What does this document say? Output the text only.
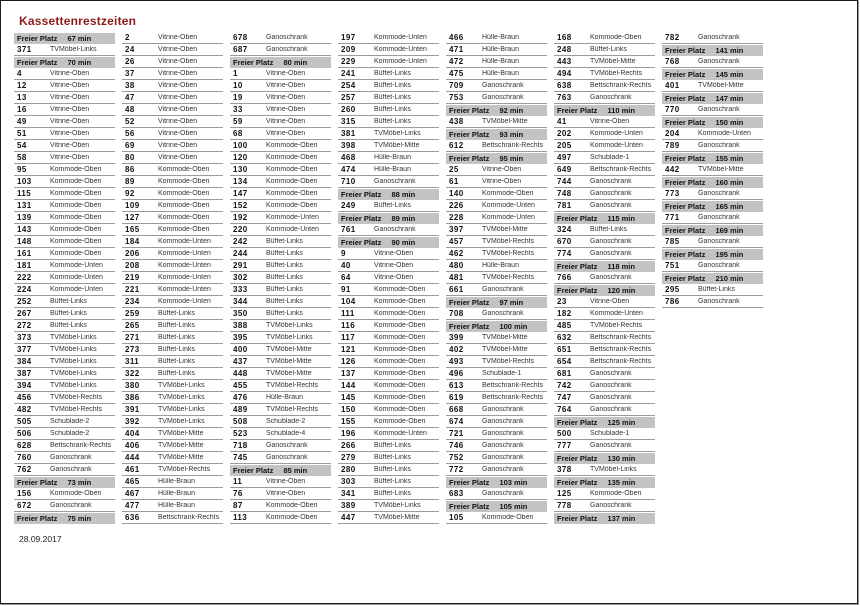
Kassettenrestzeiten
Freier Platz 67 min
371	TVMöbel-Links
Freier Platz 70 min
4	Vitrine-Oben
12	Vitrine-Oben
13	Vitrine-Oben
16	Vitrine-Oben
49	Vitrine-Oben
51	Vitrine-Oben
54	Vitrine-Oben
58	Vitrine-Oben
95	Kommode-Oben
103	Kommode-Oben
115	Kommode-Oben
131	Kommode-Oben
139	Kommode-Oben
143	Kommode-Oben
148	Kommode-Oben
161	Kommode-Oben
181	Kommode-Unten
222	Kommode-Unten
224	Kommode-Unten
252	Büffet-Links
267	Büffet-Links
272	Büffet-Links
373	TVMöbel-Links
377	TVMöbel-Links
384	TVMöbel-Links
387	TVMöbel-Links
394	TVMöbel-Links
456	TVMöbel-Rechts
482	TVMöbel-Rechts
505	Schublade-2
506	Schublade-2
628	Bettschrank-Rechts
760	Ganoschrank
762	Ganoschrank
Freier Platz 73 min
156	Kommode-Oben
672	Ganoschrank
Freier Platz 75 min
2	Vitrine-Oben
24	Vitrine-Oben
26	Vitrine-Oben
37	Vitrine-Oben
38	Vitrine-Oben
47	Vitrine-Oben
48	Vitrine-Oben
52	Vitrine-Oben
56	Vitrine-Oben
69	Vitrine-Oben
80	Vitrine-Oben
86	Kommode-Oben
89	Kommode-Oben
92	Kommode-Oben
109	Kommode-Oben
127	Kommode-Oben
165	Kommode-Oben
184	Kommode-Unten
206	Kommode-Unten
208	Kommode-Unten
219	Kommode-Unten
221	Kommode-Unten
234	Kommode-Unten
259	Büffet-Links
265	Büffet-Links
271	Büffet-Links
273	Büffet-Links
311	Büffet-Links
322	Büffet-Links
380	TVMöbel-Links
386	TVMöbel-Links
391	TVMöbel-Links
392	TVMöbel-Links
404	TVMöbel-Mitte
406	TVMöbel-Mitte
444	TVMöbel-Mitte
461	TVMöbel-Rechts
465	Hülle-Braun
467	Hülle-Braun
477	Hülle-Braun
636	Bettschrank-Rechts
678	Ganoschrank
687	Ganoschrank
Freier Platz 80 min
1	Vitrine-Oben
10	Vitrine-Oben
19	Vitrine-Oben
33	Vitrine-Oben
59	Vitrine-Oben
68	Vitrine-Oben
100	Kommode-Oben
120	Kommode-Oben
130	Kommode-Oben
134	Kommode-Oben
147	Kommode-Oben
152	Kommode-Oben
192	Kommode-Unten
220	Kommode-Unten
242	Büffet-Links
244	Büffet-Links
291	Büffet-Links
302	Büffet-Links
333	Büffet-Links
344	Büffet-Links
350	Büffet-Links
388	TVMöbel-Links
395	TVMöbel-Links
400	TVMöbel-Mitte
437	TVMöbel-Mitte
448	TVMöbel-Mitte
455	TVMöbel-Rechts
476	Hülle-Braun
489	TVMöbel-Rechts
508	Schublade-2
523	Schublade-4
718	Ganoschrank
745	Ganoschrank
Freier Platz 85 min
11	Vitrine-Oben
76	Vitrine-Oben
87	Kommode-Oben
113	Kommode-Oben
197	Kommode-Unten
209	Kommode-Unten
229	Kommode-Unten
241	Büffet-Links
254	Büffet-Links
257	Büffet-Links
260	Büffet-Links
315	Büffet-Links
381	TVMöbel-Links
398	TVMöbel-Mitte
468	Hülle-Braun
474	Hülle-Braun
710	Ganoschrank
Freier Platz 88 min
249	Büffet-Links
Freier Platz 89 min
761	Ganoschrank
Freier Platz 90 min
9	Vitrine-Oben
40	Vitrine-Oben
64	Vitrine-Oben
91	Kommode-Oben
104	Kommode-Oben
111	Kommode-Oben
116	Kommode-Oben
117	Kommode-Oben
121	Kommode-Oben
126	Kommode-Oben
137	Kommode-Oben
144	Kommode-Oben
145	Kommode-Oben
150	Kommode-Oben
155	Kommode-Oben
196	Kommode-Unten
266	Büffet-Links
279	Büffet-Links
280	Büffet-Links
303	Büffet-Links
341	Büffet-Links
389	TVMöbel-Links
447	TVMöbel-Mitte
466	Hülle-Braun
471	Hülle-Braun
472	Hülle-Braun
475	Hülle-Braun
709	Ganoschrank
753	Ganoschrank
Freier Platz 92 min
438	TVMöbel-Mitte
Freier Platz 93 min
612	Bettschrank-Rechts
Freier Platz 95 min
25	Vitrine-Oben
61	Vitrine-Oben
140	Kommode-Oben
226	Kommode-Unten
228	Kommode-Unten
397	TVMöbel-Mitte
457	TVMöbel-Rechts
462	TVMöbel-Rechts
480	Hülle-Braun
481	TVMöbel-Rechts
661	Ganoschrank
Freier Platz 97 min
708	Ganoschrank
Freier Platz 100 min
399	TVMöbel-Mitte
402	TVMöbel-Mitte
493	TVMöbel-Rechts
496	Schublade-1
613	Bettschrank-Rechts
619	Bettschrank-Rechts
668	Ganoschrank
674	Ganoschrank
721	Ganoschrank
746	Ganoschrank
752	Ganoschrank
772	Ganoschrank
Freier Platz 103 min
683	Ganoschrank
Freier Platz 105 min
105	Kommode-Oben
168	Kommode-Oben
248	Büffet-Links
443	TVMöbel-Mitte
494	TVMöbel-Rechts
638	Bettschrank-Rechts
763	Ganoschrank
Freier Platz 110 min
41	Vitrine-Oben
202	Kommode-Unten
205	Kommode-Unten
497	Schublade-1
649	Bettschrank-Rechts
744	Ganoschrank
748	Ganoschrank
781	Ganoschrank
Freier Platz 115 min
324	Büffet-Links
670	Ganoschrank
774	Ganoschrank
Freier Platz 118 min
766	Ganoschrank
Freier Platz 120 min
23	Vitrine-Oben
182	Kommode-Unten
485	TVMöbel-Rechts
632	Bettschrank-Rechts
651	Bettschrank-Rechts
654	Bettschrank-Rechts
681	Ganoschrank
742	Ganoschrank
747	Ganoschrank
764	Ganoschrank
Freier Platz 125 min
500	Schublade-1
777	Ganoschrank
Freier Platz 130 min
378	TVMöbel-Links
Freier Platz 135 min
125	Kommode-Oben
778	Ganoschrank
Freier Platz 137 min
782	Ganoschrank
Freier Platz 141 min
768	Ganoschrank
Freier Platz 145 min
401	TVMöbel-Mitte
Freier Platz 147 min
770	Ganoschrank
Freier Platz 150 min
204	Kommode-Unten
789	Ganoschrank
Freier Platz 155 min
442	TVMöbel-Mitte
Freier Platz 160 min
773	Ganoschrank
Freier Platz 165 min
771	Ganoschrank
Freier Platz 169 min
785	Ganoschrank
Freier Platz 195 min
751	Ganoschrank
Freier Platz 210 min
295	Büffet-Links
786	Ganoschrank
28.09.2017
